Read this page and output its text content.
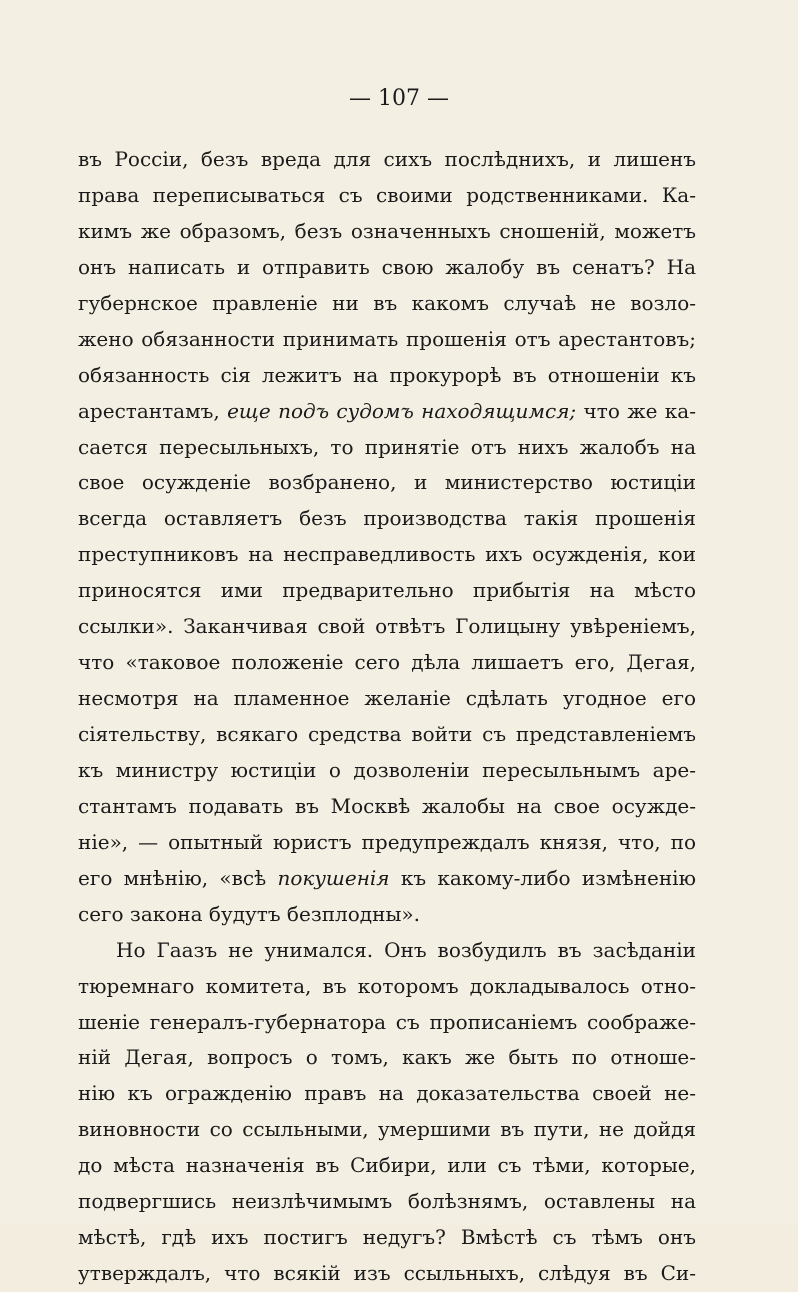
— 107 —
въ Россіи, безъ вреда для сихъ послѣднихъ, и лишенъ
права переписываться съ своими родственниками. Ка-
кимъ же образомъ, безъ означенныхъ сношеній, можетъ
онъ написать и отправить свою жалобу въ сенатъ? На
губернское правленіе ни въ какомъ случаѣ не возло-
жено обязанности принимать прошенія отъ арестантовъ;
обязанность сія лежитъ на прокурорѣ въ отношеніи къ
арестантамъ, еще подъ судомъ находящимся; что же ка-
сается пересыльныхъ, то принятіе отъ нихъ жалобъ на
свое осужденіе возбранено, и министерство юстиціи
всегда оставляетъ безъ производства такія прошенія
преступниковъ на несправедливость ихъ осужденія, кои
приносятся ими предварительно прибытія на мѣсто
ссылки». Заканчивая свой отвѣтъ Голицыну увѣреніемъ,
что «таковое положеніе сего дѣла лишаетъ его, Дегая,
несмотря на пламенное желаніе сдѣлать угодное его
сіятельству, всякаго средства войти съ представленіемъ
къ министру юстиціи о дозволеніи пересыльнымъ аре-
стантамъ подавать въ Москвѣ жалобы на свое осужде-
ніе», — опытный юристъ предупреждалъ князя, что, по
его мнѣнію, «всѣ покушенія къ какому-либо измѣненію
сего закона будутъ безплодны».
Но Гаазъ не унимался. Онъ возбудилъ въ засѣданіи
тюремнаго комитета, въ которомъ докладывалось отно-
шеніе генералъ-губернатора съ прописаніемъ соображе-
ній Дегая, вопросъ о томъ, какъ же быть по отноше-
нію къ огражденію правъ на доказательства своей не-
виновности со ссыльными, умершими въ пути, не дойдя
до мѣста назначенія въ Сибири, или съ тѣми, которые,
подвергшись неизлѣчимымъ болѣзнямъ, оставлены на
мѣстѣ, гдѣ ихъ постигъ недугъ? Вмѣстѣ съ тѣмъ онъ
утверждалъ, что всякій изъ ссыльныхъ, слѣдуя въ Си-
